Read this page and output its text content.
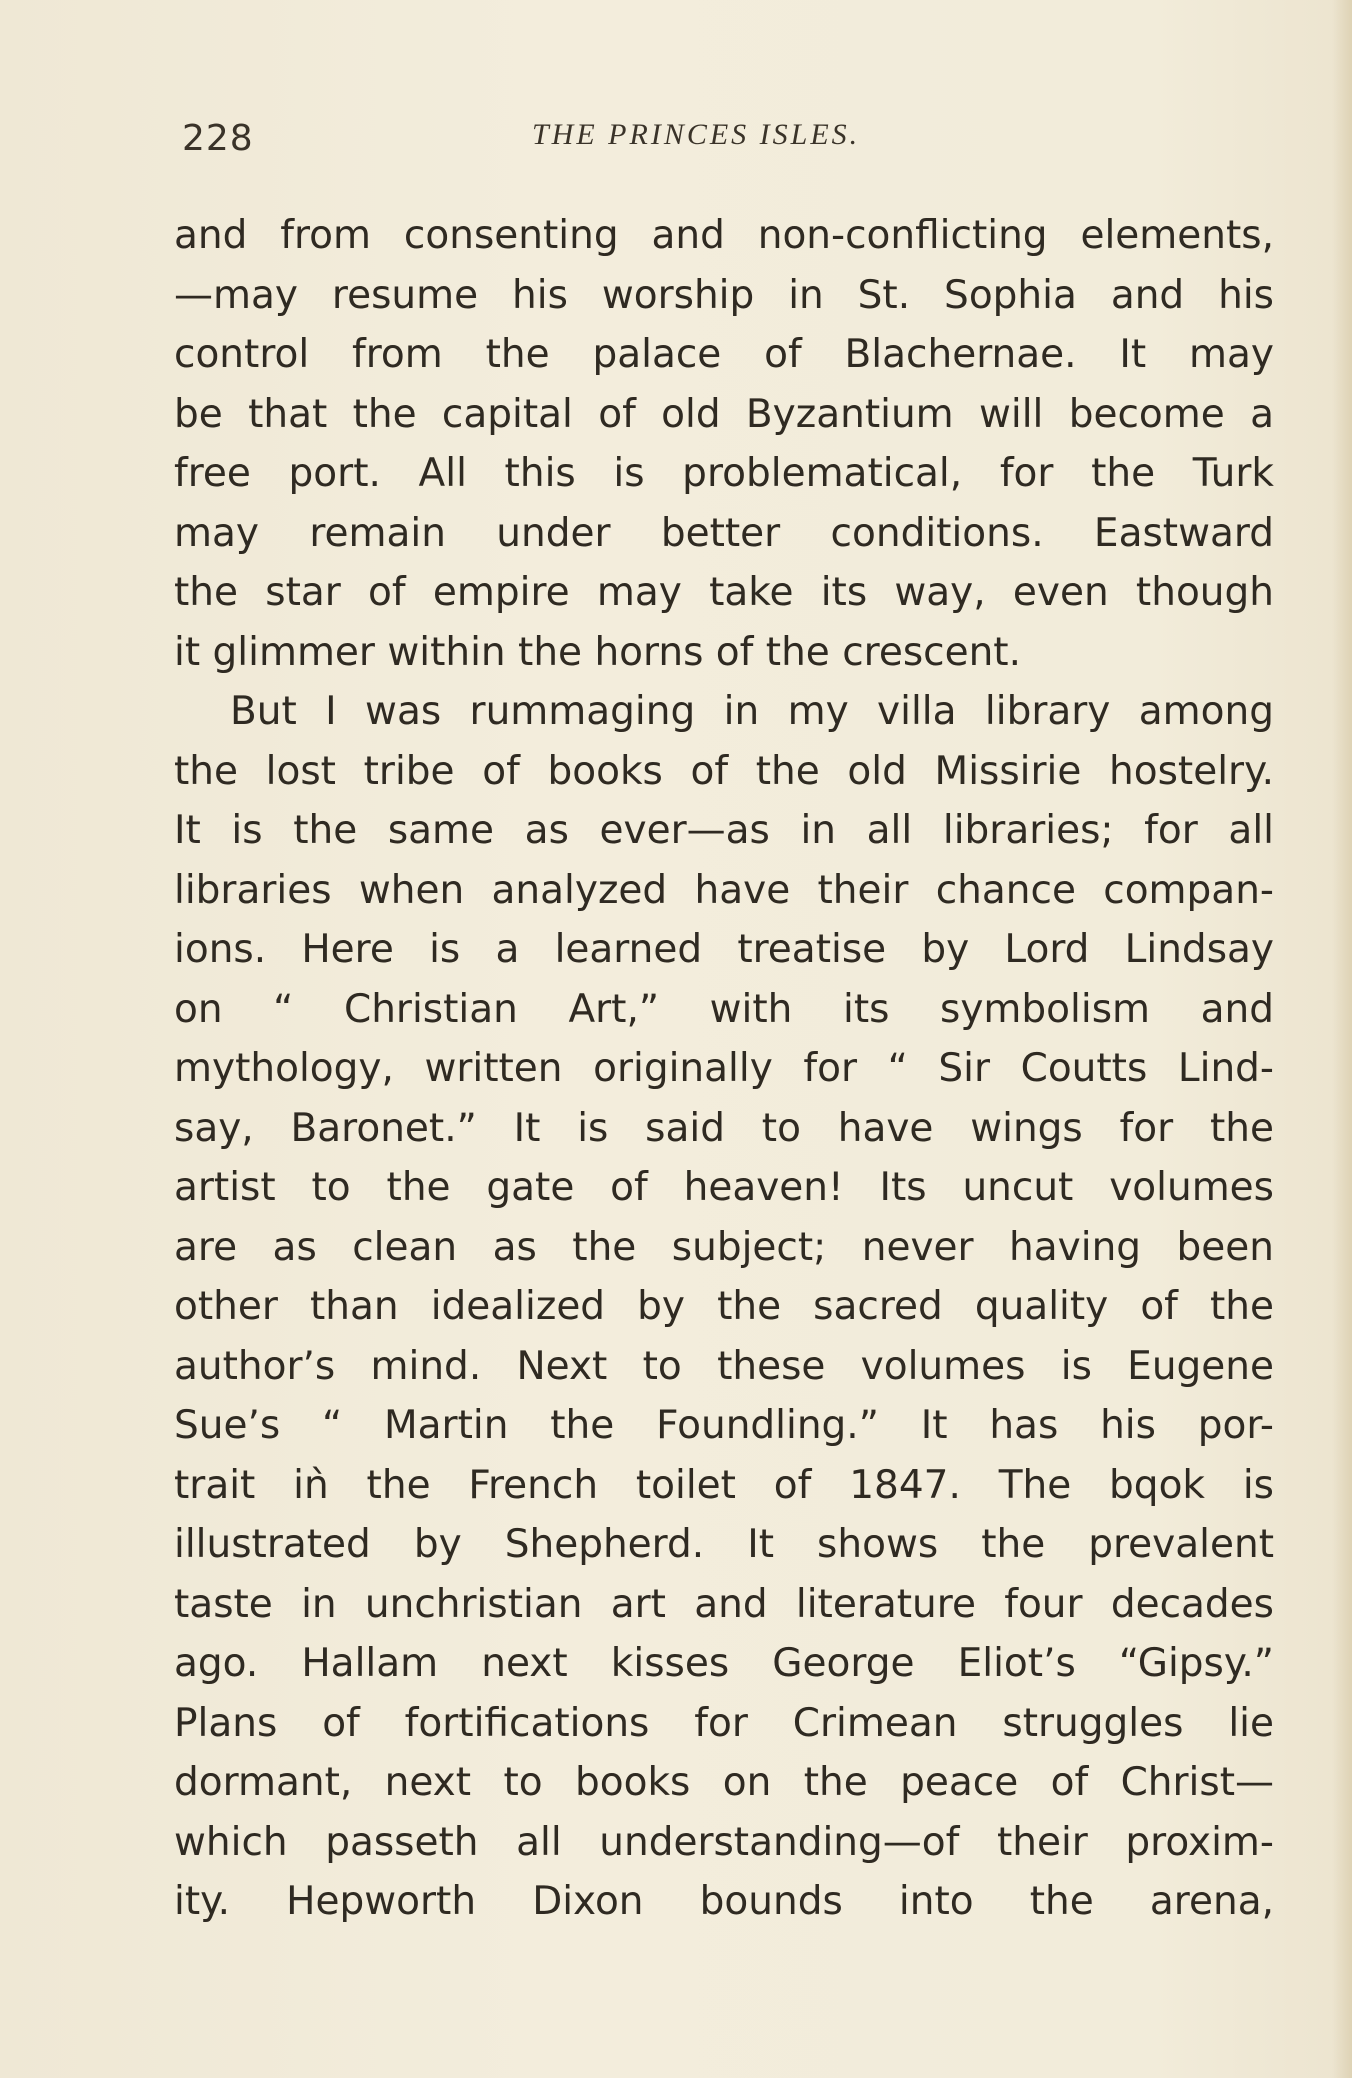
228	THE PRINCES ISLES.
and from consenting and non-conflicting elements,
—may resume his worship in St. Sophia and his
control from the palace of Blachernae. It may
be that the capital of old Byzantium will become a
free port. All this is problematical, for the Turk
may remain under better conditions. Eastward
the star of empire may take its way, even though
it glimmer within the horns of the crescent.
But I was rummaging in my villa library among
the lost tribe of books of the old Missirie hostelry.
It is the same as ever—as in all libraries; for all
libraries when analyzed have their chance compan-
ions. Here is a learned treatise by Lord Lindsay
on “ Christian Art,” with its symbolism and
mythology, written originally for “ Sir Coutts Lind-
say, Baronet.” It is said to have wings for the
artist to the gate of heaven! Its uncut volumes
are as clean as the subject; never having been
other than idealized by the sacred quality of the
author’s mind. Next to these volumes is Eugene
Sue’s “ Martin the Foundling.” It has his por-
trait iǹ the French toilet of 1847. The bqok is
illustrated by Shepherd. It shows the prevalent
taste in unchristian art and literature four decades
ago. Hallam next kisses George Eliot’s “Gipsy.”
Plans of fortifications for Crimean struggles lie
dormant, next to books on the peace of Christ—
which passeth all understanding—of their proxim-
ity. Hepworth Dixon bounds into the arena,
